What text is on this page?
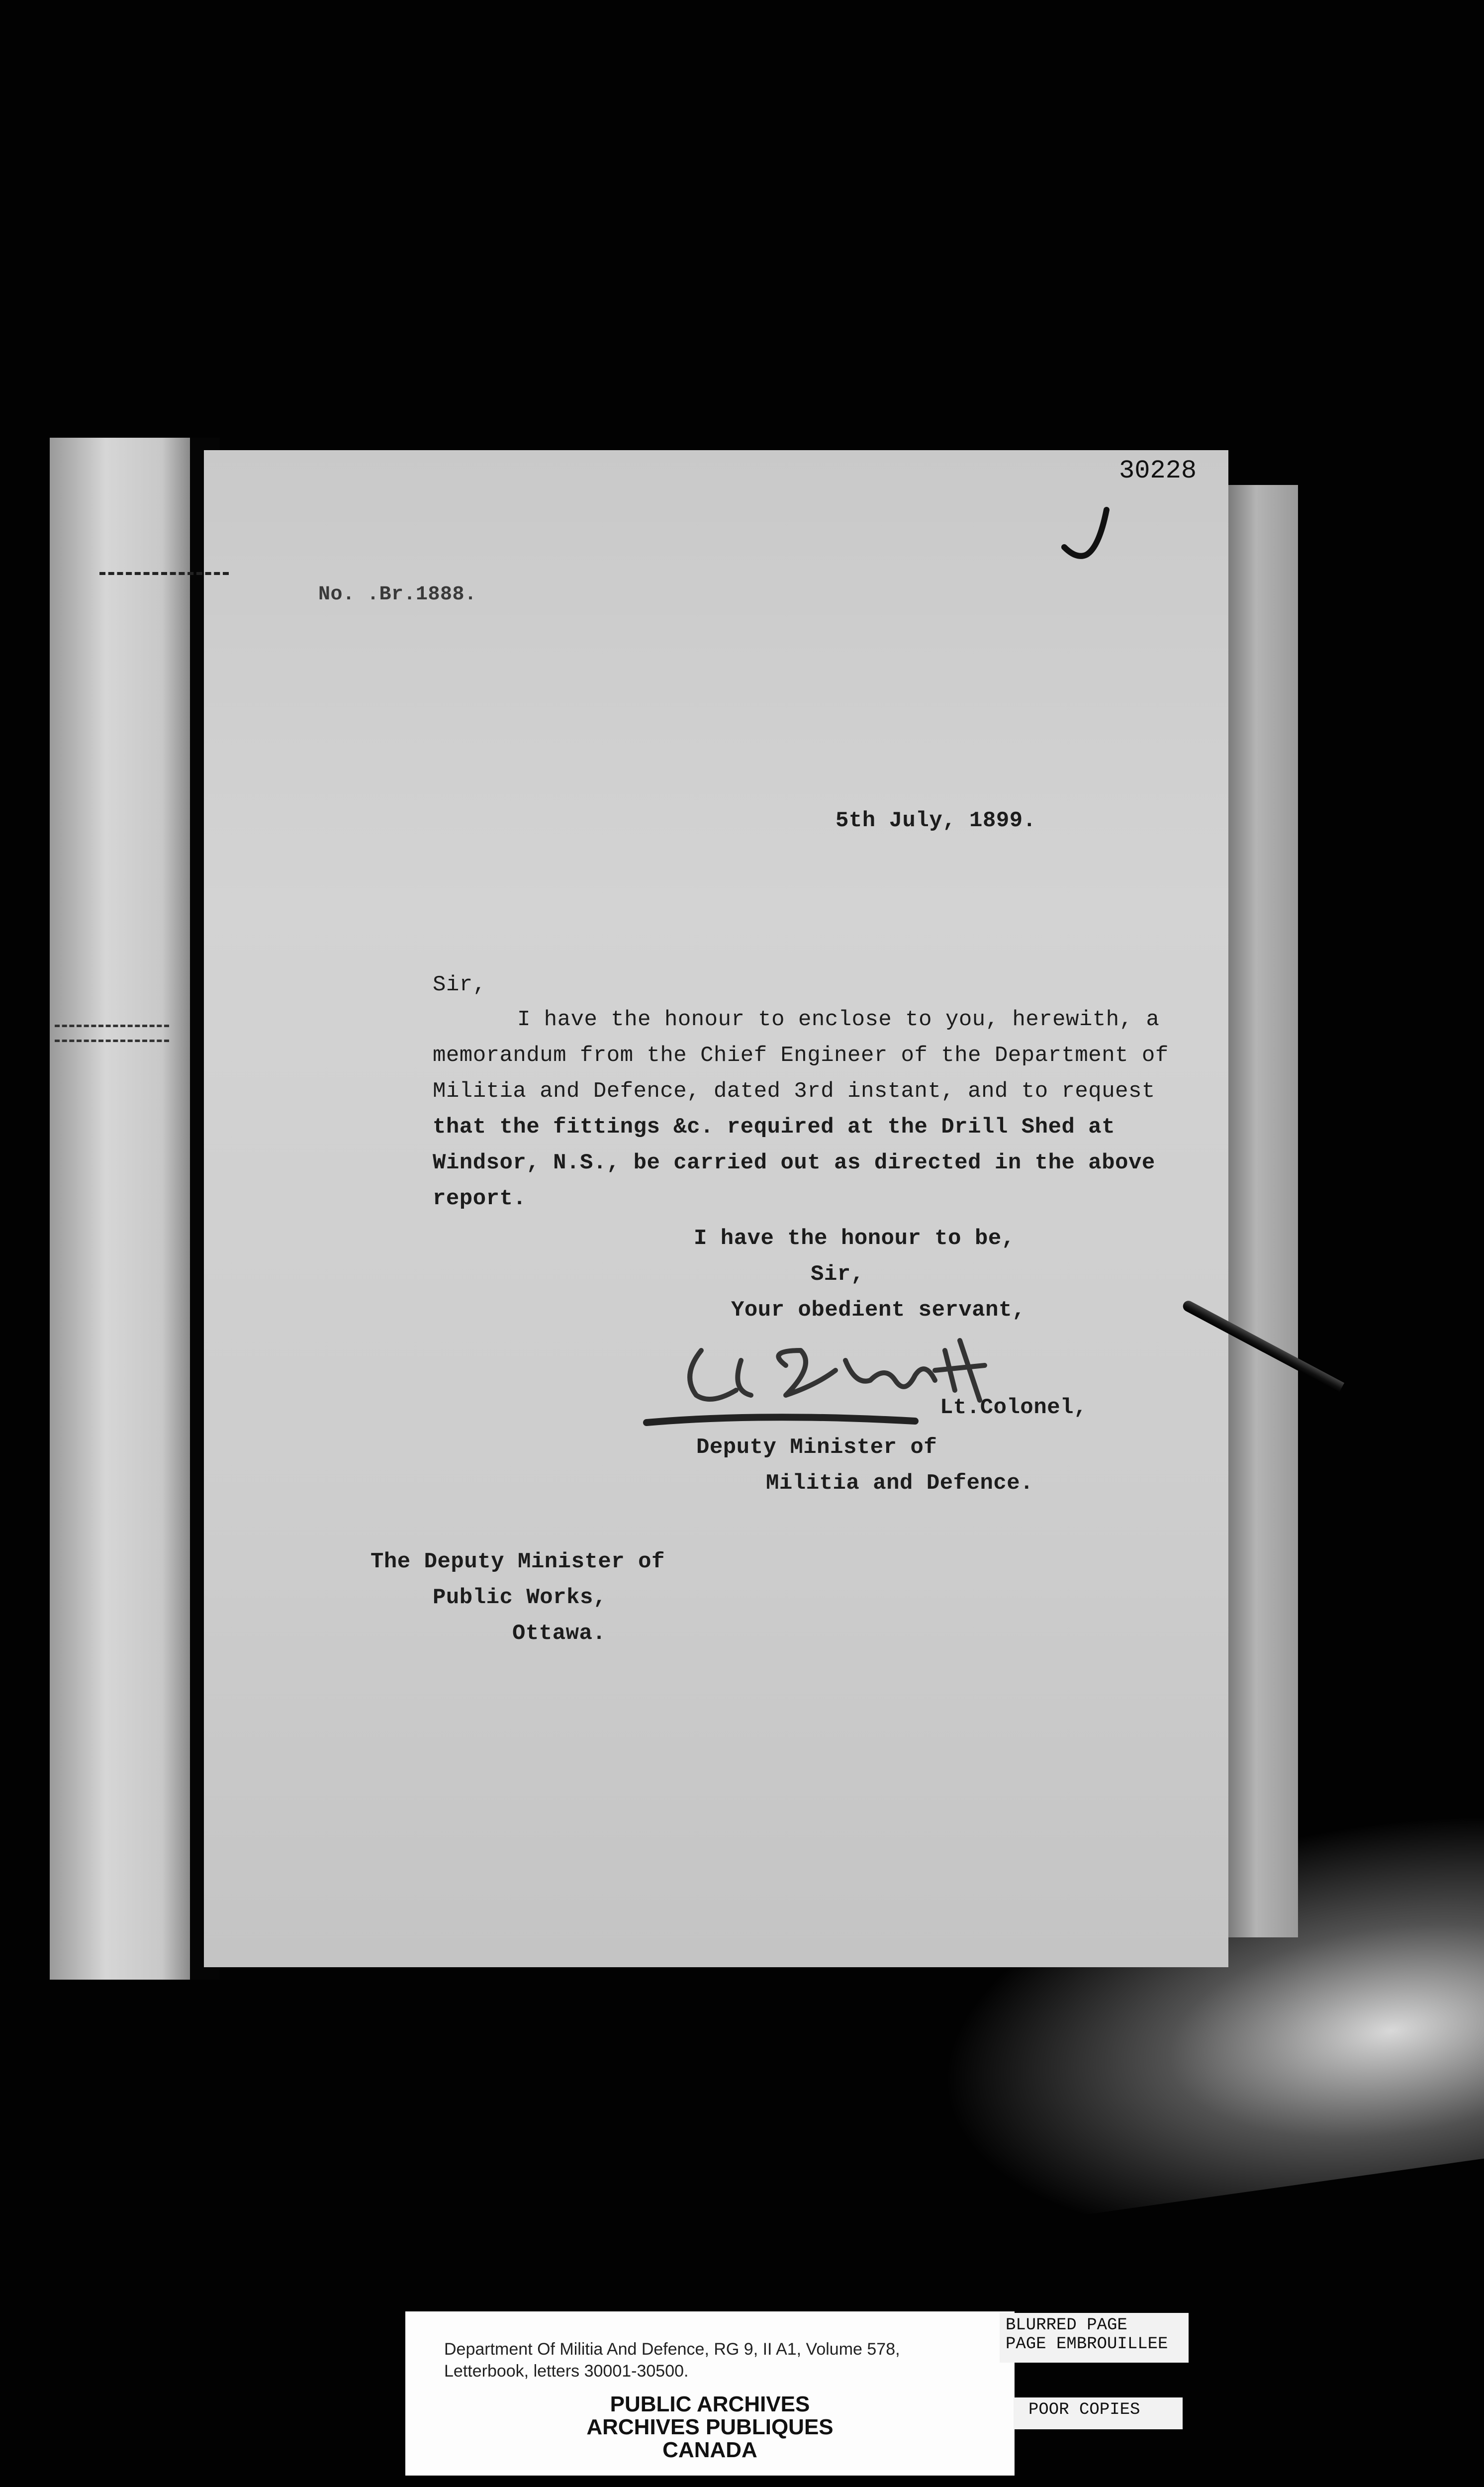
30228
No. .Br.1888.
5th July, 1899.
Sir,
I have the honour to enclose to you, herewith, a
memorandum from the Chief Engineer of the Department of
Militia and Defence, dated 3rd instant, and to request
that the fittings &c. required at the Drill Shed at
Windsor, N.S., be carried out as directed in the above
report.
I have the honour to be,
Sir,
Your obedient servant,
Lt.Colonel,
Deputy Minister of
Militia and Defence.
The Deputy Minister of
Public Works,
Ottawa.
Department Of Militia And Defence, RG 9, II A1, Volume 578,
Letterbook, letters 30001-30500.
PUBLIC ARCHIVES
ARCHIVES PUBLIQUES
CANADA
BLURRED PAGE
PAGE EMBROUILLEE
POOR COPIES
